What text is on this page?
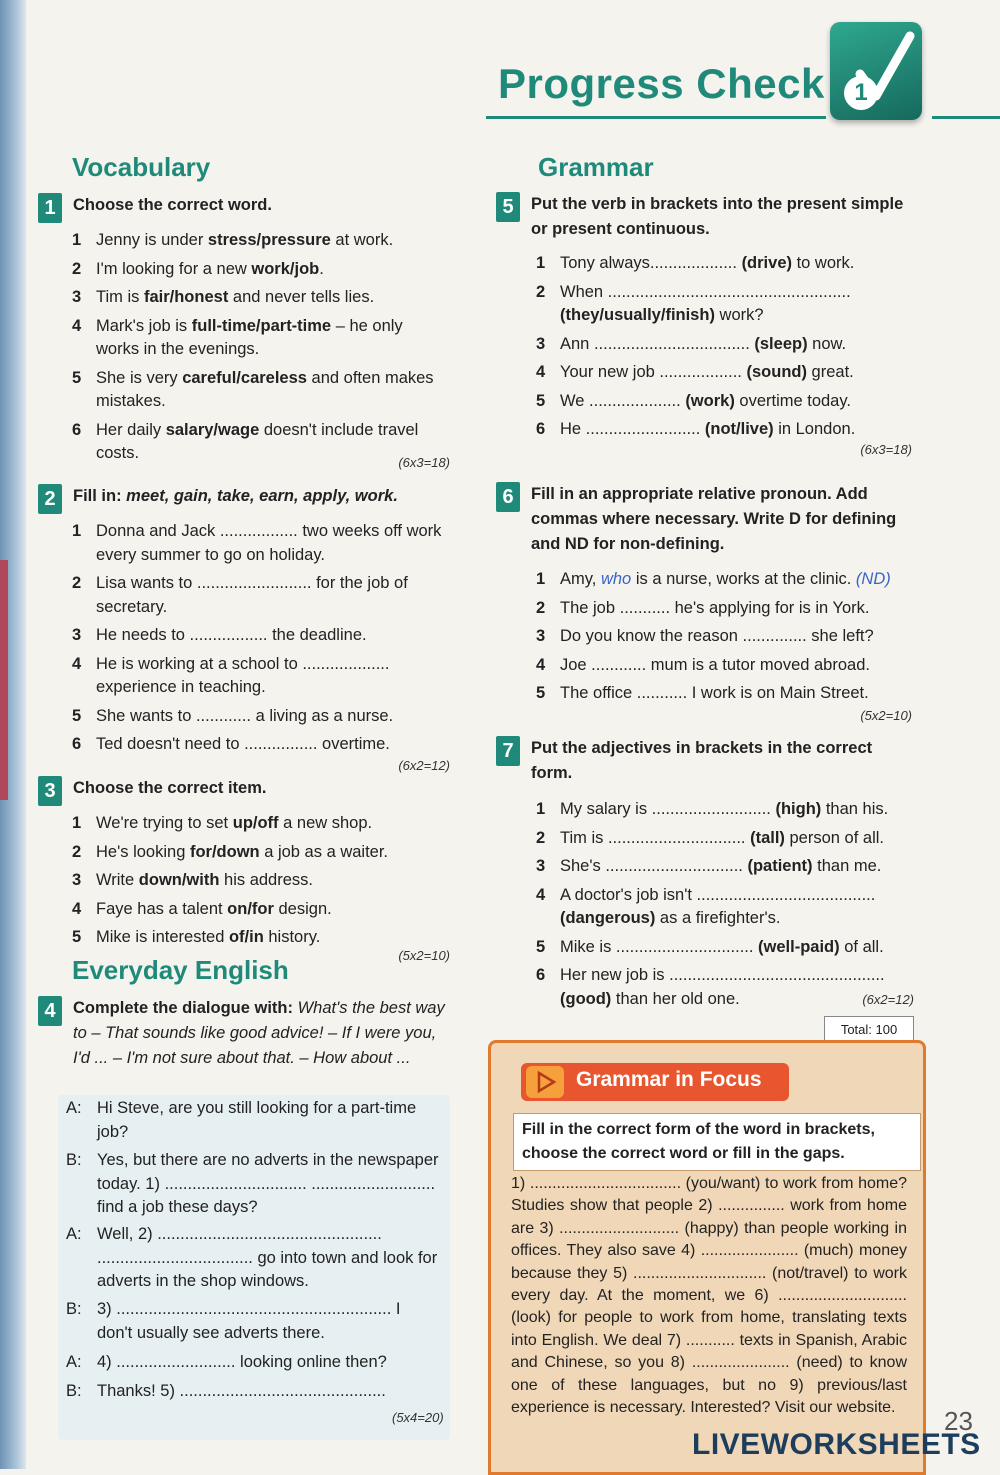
Progress Check	1
Vocabulary
1	Choose the correct word.
1 Jenny is under stress/pressure at work.
2 I'm looking for a new work/job.
3 Tim is fair/honest and never tells lies.
4 Mark's job is full-time/part-time – he only works in the evenings.
5 She is very careful/careless and often makes mistakes.
6 Her daily salary/wage doesn't include travel costs.
(6x3=18)
2	Fill in: meet, gain, take, earn, apply, work.
1 Donna and Jack ................. two weeks off work every summer to go on holiday.
2 Lisa wants to ......................... for the job of secretary.
3 He needs to ................. the deadline.
4 He is working at a school to ................... experience in teaching.
5 She wants to ............ a living as a nurse.
6 Ted doesn't need to ................ overtime.
(6x2=12)
3	Choose the correct item.
1 We're trying to set up/off a new shop.
2 He's looking for/down a job as a waiter.
3 Write down/with his address.
4 Faye has a talent on/for design.
5 Mike is interested of/in history.
(5x2=10)
Everyday English
4	Complete the dialogue with: What's the best way to – That sounds like good advice! – If I were you, I'd ... – I'm not sure about that. – How about ...
A: Hi Steve, are you still looking for a part-time job?
B: Yes, but there are no adverts in the newspaper today. 1) ............................... ........................... find a job these days?
A: Well, 2) ................................................. .................................. go into town and look for adverts in the shop windows.
B: 3) ............................................................ I don't usually see adverts there.
A: 4) .......................... looking online then?
B: Thanks! 5) .............................................
(5x4=20)
Grammar
5	Put the verb in brackets into the present simple or present continuous.
1 Tony always................... (drive) to work.
2 When ..................................................... (they/usually/finish) work?
3 Ann .................................. (sleep) now.
4 Your new job .................. (sound) great.
5 We .................... (work) overtime today.
6 He ......................... (not/live) in London.
(6x3=18)
6	Fill in an appropriate relative pronoun. Add commas where necessary. Write D for defining and ND for non-defining.
1 Amy, who is a nurse, works at the clinic. (ND)
2 The job ........... he's applying for is in York.
3 Do you know the reason .............. she left?
4 Joe ............ mum is a tutor moved abroad.
5 The office ........... I work is on Main Street.
(5x2=10)
7	Put the adjectives in brackets in the correct form.
1 My salary is .......................... (high) than his.
2 Tim is .............................. (tall) person of all.
3 She's .............................. (patient) than me.
4 A doctor's job isn't ....................................... (dangerous) as a firefighter's.
5 Mike is .............................. (well-paid) of all.
6 Her new job is ............................................... (good) than her old one.	(6x2=12)
Total: 100
Grammar in Focus
Fill in the correct form of the word in brackets, choose the correct word or fill in the gaps.
1) .................................. (you/want) to work from home? Studies show that people 2) ............... work from home are 3) ........................... (happy) than people working in offices. They also save 4) ...................... (much) money because they 5) .............................. (not/travel) to work every day. At the moment, we 6) ............................. (look) for people to work from home, translating texts into English. We deal 7) ........... texts in Spanish, Arabic and Chinese, so you 8) ...................... (need) to know one of these languages, but no 9) previous/last experience is necessary. Interested? Visit our website.	23
LIVEWORKSHEETS
